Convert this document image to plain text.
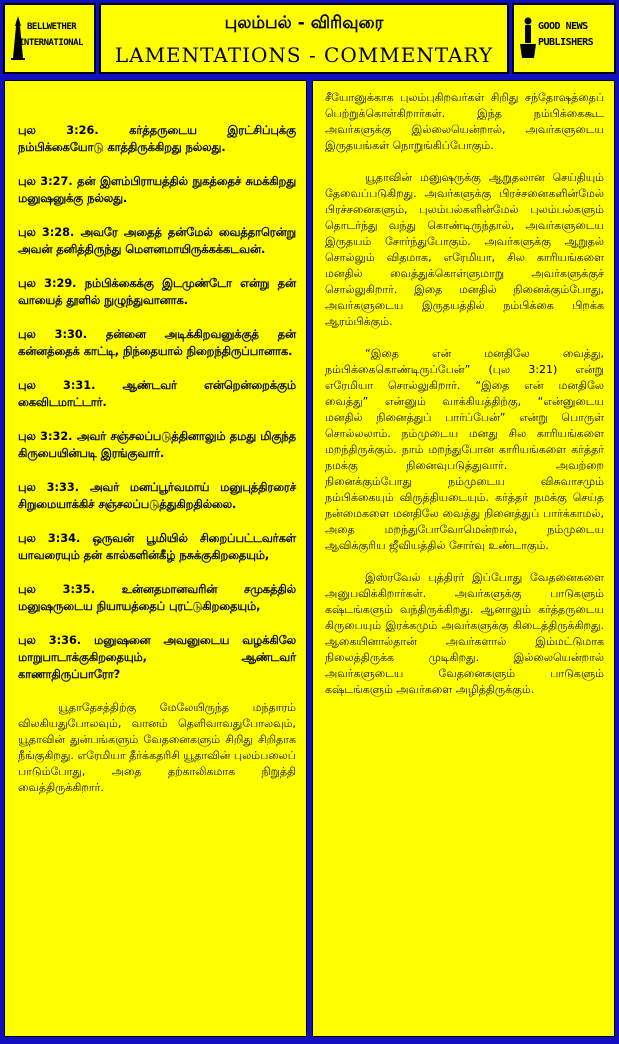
BELLWETHER
INTERNATIONAL
புலம்பல் - விரிவுரை
LAMENTATIONS - COMMENTARY
GOOD NEWS
PUBLISHERS

புல 3:26. கர்த்தருடைய இரட்சிப்புக்கு நம்பிக்கையோடு காத்திருக்கிறது நல்லது.

புல 3:27. தன் இளம்பிராயத்தில் நுகத்தைச் சுமக்கிறது மனுஷனுக்கு நல்லது.

புல 3:28. அவரே அதைத் தன்மேல் வைத்தாரென்று அவன் தனித்திருந்து மௌனமாயிருக்கக்கடவன்.

புல 3:29. நம்பிக்கைக்கு இடமுண்டோ என்று தன் வாயைத் தூளில் நுழுந்துவானாக.

புல 3:30. தன்னை அடிக்கிறவனுக்குத் தன் கன்னத்தைக் காட்டி, நிந்தையால் நிறைந்திருப்பானாக.

புல 3:31. ஆண்டவர் என்றென்றைக்கும் கைவிடமாட்டார்.

புல 3:32. அவர் சஞ்சலப்படுத்தினாலும் தமது மிகுந்த கிருபையின்படி இரங்குவார்.

புல 3:33. அவர் மனப்பூர்வமாய் மனுபுத்திரரைச் சிறுமையாக்கிச் சஞ்சலப்படுத்துகிறதில்லை.

புல 3:34. ஒருவன் பூமியில் சிறைப்பட்டவர்கள் யாவரையும் தன் கால்களின்கீழ் நசுக்குகிறதையும்,

புல 3:35. உன்னதமானவரின் சமுகத்தில் மனுஷருடைய நியாயத்தைப் புரட்டுகிறதையும்,

புல 3:36. மனுஷனை அவனுடைய வழக்கிலே மாறுபாடாக்குகிறதையும், ஆண்டவர் காணாதிருப்பாரோ?

யூதாதேசத்திற்கு மேலேயிருந்த மந்தாரம் விலகியதுபோலவும், வானம் தெளிவாவதுபோலவும், யூதாவின் துன்பங்களும் வேதனைகளும் சிறிது சிறிதாக நீங்குகிறது. எரேமியா தீர்க்கதரிசி யூதாவின் புலம்பலைப் பாடும்போது, அதை தற்காலிகமாக நிறுத்தி வைத்திருக்கிறார்.

சீயோனுக்காக புலம்புகிறவர்கள் சிறிது சந்தோஷத்தைப் பெற்றுக்கொள்கிறார்கள். இந்த நம்பிக்கைகூட அவர்களுக்கு இல்லையென்றால், அவர்களுடைய இருதயங்கள் நொறுங்கிப்போகும்.

யூதாவின் மனுஷருக்கு ஆறுதலான செய்தியும் தேவைப்படுகிறது. அவர்களுக்கு பிரச்சனைகளின்மேல் பிரச்சனைகளும், புலம்பல்களின்மேல் புலம்பல்களும் தொடர்ந்து வந்து கொண்டிருந்தால், அவர்களுடைய இருதயம் சோர்ந்துபோகும். அவர்களுக்கு ஆறுதல் சொல்லும் விதமாக, எரேமியா, சில காரியங்களை மனதில் வைத்துக்கொள்ளுமாறு அவர்களுக்குச் சொல்லுகிறார். இதை மனதில் நினைக்கும்போது, அவர்களுடைய இருதயத்தில் நம்பிக்கை பிறக்க ஆரம்பிக்கும்.

“இதை என் மனதிலே வைத்து, நம்பிக்கைகொண்டிருப்பேன்” (புல 3:21) என்று எரேமியா சொல்லுகிறார். “இதை என் மனதிலே வைத்து” என்னும் வாக்கியத்திற்கு, “என்னுடைய மனதில் நினைத்துப் பார்ப்பேன்” என்று பொருள் சொல்லலாம். நம்முடைய மனது சில காரியங்களை மறந்திருக்கும். நாம் மறந்துபோன காரியங்களை கர்த்தர் நமக்கு நினைவுபடுத்துவார். அவற்றை நினைக்கும்போது நம்முடைய விசுவாசமும் நம்பிக்கையும் விருத்தியடையும். கர்த்தர் நமக்கு செய்த நன்மைகளை மனதிலே வைத்து நினைத்துப் பார்க்காமல், அதை மறந்துபோவோமென்றால், நம்முடைய ஆவிக்குரிய ஜீவியத்தில் சோர்வு உண்டாகும்.

இஸ்ரவேல் புத்திரர் இப்போது வேதனைகளை அனுபவிக்கிறார்கள். அவர்களுக்கு பாடுகளும் கஷ்டங்களும் வந்திருக்கிறது. ஆனாலும் கர்த்தருடைய கிருபையும் இரக்கமும் அவர்களுக்கு கிடைத்திருக்கிறது. ஆகையினால்தான் அவர்களால் இம்மட்டுமாக நிலைத்திருக்க முடிகிறது. இல்லையென்றால் அவர்களுடைய வேதனைகளும் பாடுகளும் கஷ்டங்களும் அவர்களை அழித்திருக்கும்.
